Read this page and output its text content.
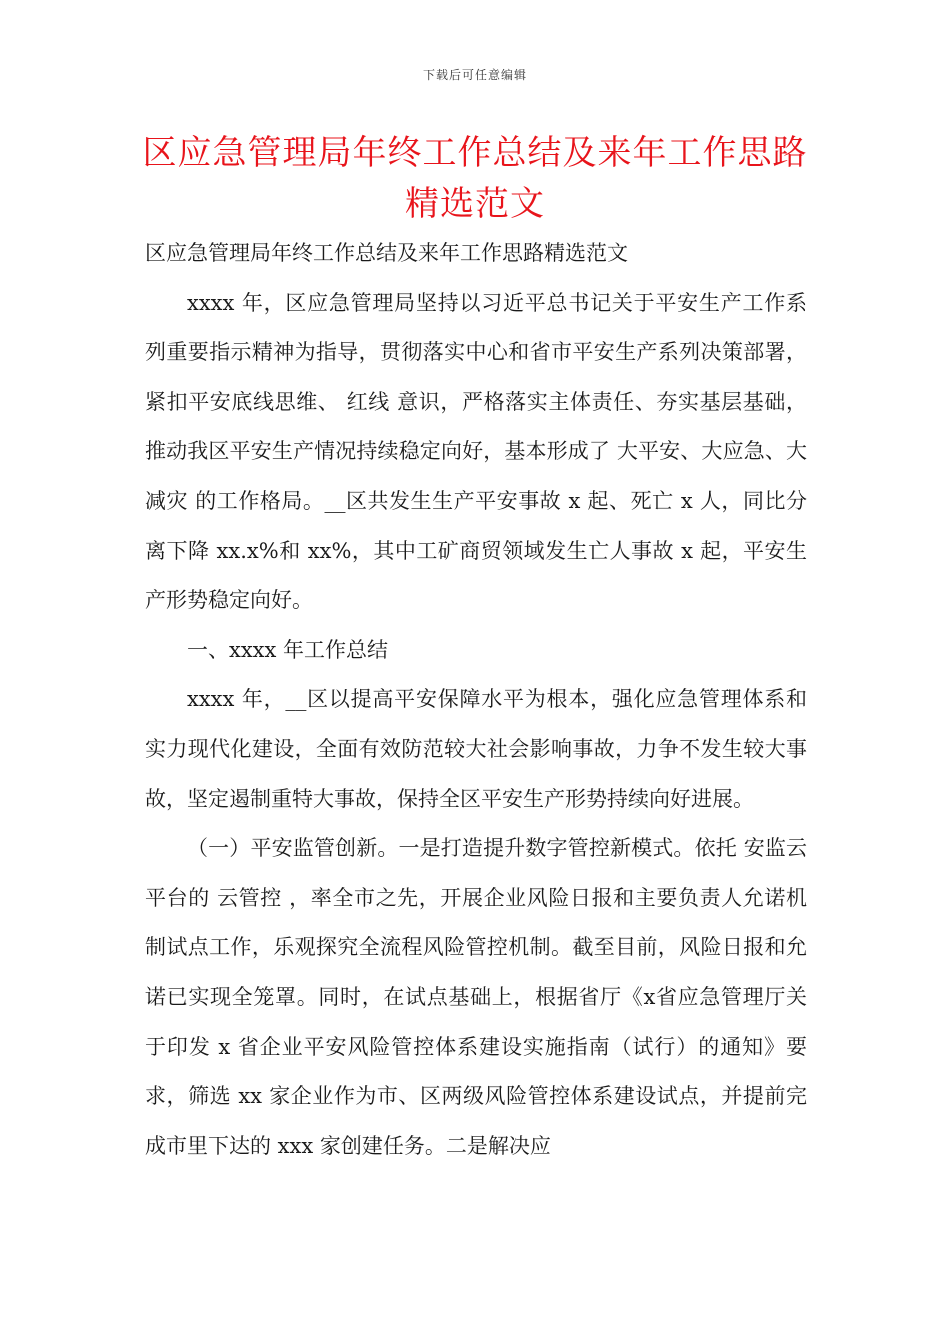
下载后可任意编辑
区应急管理局年终工作总结及来年工作思路精选范文

区应急管理局年终工作总结及来年工作思路精选范文

xxxx 年，区应急管理局坚持以习近平总书记关于平安生产工作系列重要指示精神为指导，贯彻落实中心和省市平安生产系列决策部署，紧扣平安底线思维、 红线 意识，严格落实主体责任、夯实基层基础，推动我区平安生产情况持续稳定向好，基本形成了 大平安、大应急、大减灾 的工作格局。__区共发生生产平安事故 x 起、死亡 x 人，同比分离下降 xx.x%和 xx%，其中工矿商贸领域发生亡人事故 x 起，平安生产形势稳定向好。

一、xxxx 年工作总结

xxxx 年，__区以提高平安保障水平为根本，强化应急管理体系和实力现代化建设，全面有效防范较大社会影响事故，力争不发生较大事故，坚定遏制重特大事故，保持全区平安生产形势持续向好进展。

（一）平安监管创新。一是打造提升数字管控新模式。依托 安监云 平台的 云管控 ，率全市之先，开展企业风险日报和主要负责人允诺机制试点工作，乐观探究全流程风险管控机制。截至目前，风险日报和允诺已实现全笼罩。同时，在试点基础上，根据省厅《x省应急管理厅关于印发 x 省企业平安风险管控体系建设实施指南（试行）的通知》要求，筛选 xx 家企业作为市、区两级风险管控体系建设试点，并提前完成市里下达的 xxx 家创建任务。二是解决应
